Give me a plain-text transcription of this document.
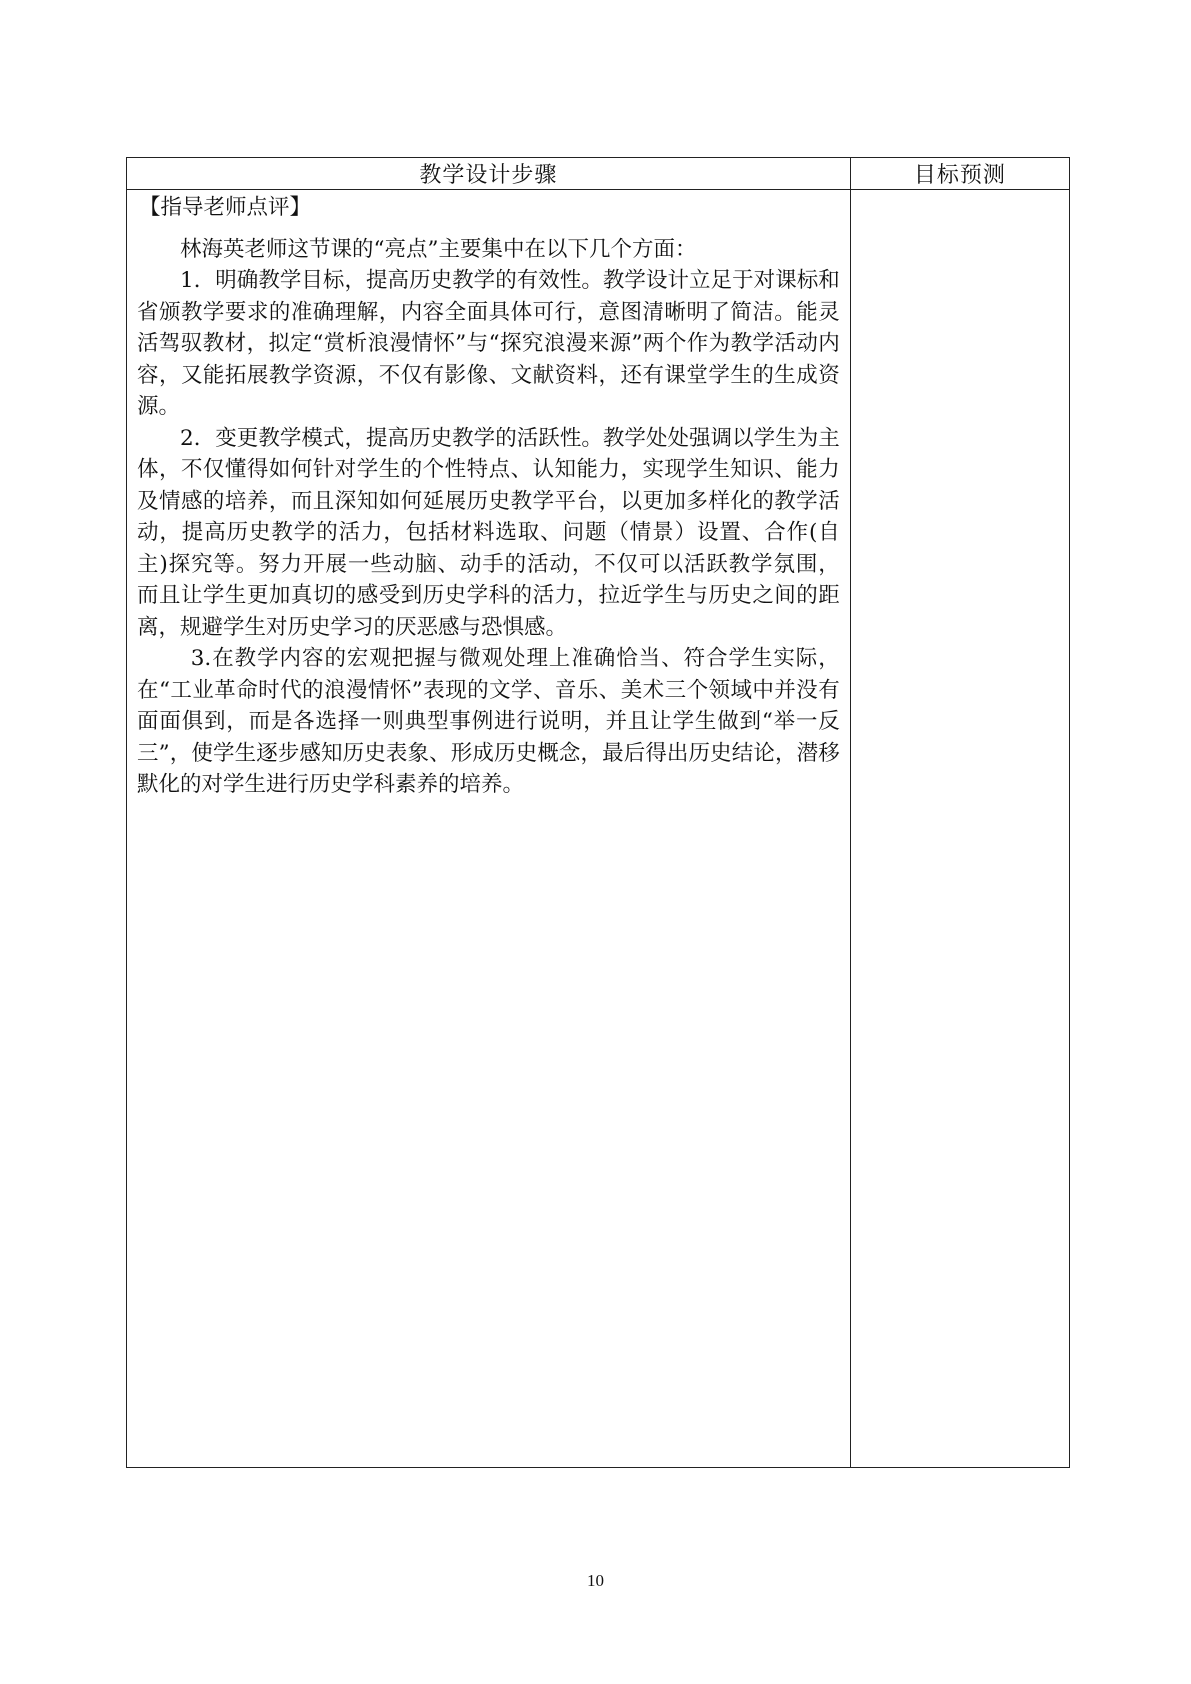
教学设计步骤	目标预测

【指导老师点评】

林海英老师这节课的“亮点”主要集中在以下几个方面：

1．明确教学目标，提高历史教学的有效性。教学设计立足于对课标和省颁教学要求的准确理解，内容全面具体可行，意图清晰明了简洁。能灵活驾驭教材，拟定“赏析浪漫情怀”与“探究浪漫来源”两个作为教学活动内容，又能拓展教学资源，不仅有影像、文献资料，还有课堂学生的生成资源。

2．变更教学模式，提高历史教学的活跃性。教学处处强调以学生为主体，不仅懂得如何针对学生的个性特点、认知能力，实现学生知识、能力及情感的培养，而且深知如何延展历史教学平台，以更加多样化的教学活动，提高历史教学的活力，包括材料选取、问题（情景）设置、合作(自主)探究等。努力开展一些动脑、动手的活动，不仅可以活跃教学氛围， 而且让学生更加真切的感受到历史学科的活力，拉近学生与历史之间的距离，规避学生对历史学习的厌恶感与恐惧感。

3.在教学内容的宏观把握与微观处理上准确恰当、符合学生实际，在“工业革命时代的浪漫情怀”表现的文学、音乐、美术三个领域中并没有面面俱到，而是各选择一则典型事例进行说明，并且让学生做到“举一反三”，使学生逐步感知历史表象、形成历史概念，最后得出历史结论，潜移默化的对学生进行历史学科素养的培养。	

10
